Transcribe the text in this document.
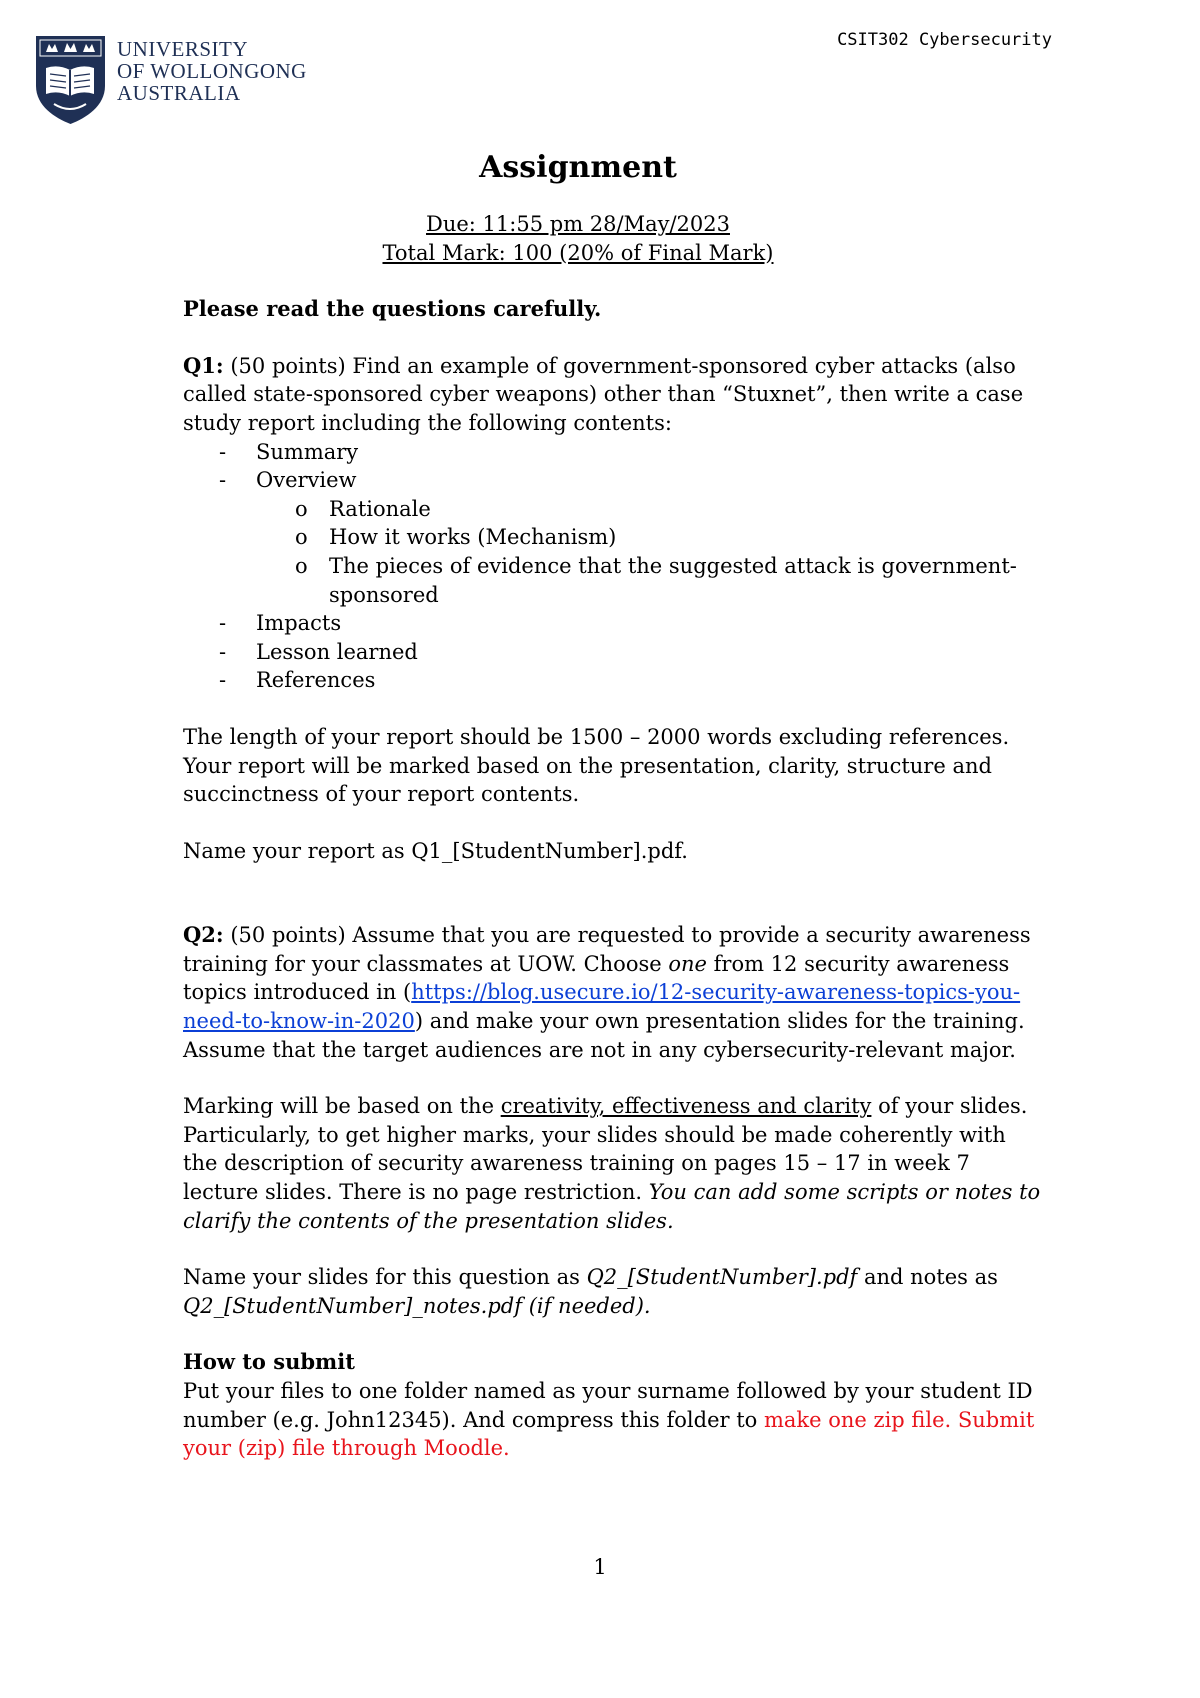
UNIVERSITY
OF WOLLONGONG
AUSTRALIA
CSIT302 Cybersecurity
Assignment
Due: 11:55 pm 28/May/2023
Total Mark: 100 (20% of Final Mark)

Please read the questions carefully.

Q1: (50 points) Find an example of government-sponsored cyber attacks (also called state-sponsored cyber weapons) other than “Stuxnet”, then write a case study report including the following contents:

- Summary
- Overview
o Rationale
o How it works (Mechanism)
o The pieces of evidence that the suggested attack is government-sponsored
- Impacts
- Lesson learned
- References

The length of your report should be 1500 – 2000 words excluding references. Your report will be marked based on the presentation, clarity, structure and succinctness of your report contents.

Name your report as Q1_[StudentNumber].pdf.

Q2: (50 points) Assume that you are requested to provide a security awareness training for your classmates at UOW. Choose one from 12 security awareness topics introduced in (https://blog.usecure.io/12-security-awareness-topics-you-need-to-know-in-2020) and make your own presentation slides for the training. Assume that the target audiences are not in any cybersecurity-relevant major.

Marking will be based on the creativity, effectiveness and clarity of your slides. Particularly, to get higher marks, your slides should be made coherently with the description of security awareness training on pages 15 – 17 in week 7 lecture slides. There is no page restriction. You can add some scripts or notes to clarify the contents of the presentation slides.

Name your slides for this question as Q2_[StudentNumber].pdf and notes as Q2_[StudentNumber]_notes.pdf (if needed).

How to submit

Put your files to one folder named as your surname followed by your student ID number (e.g. John12345). And compress this folder to make one zip file. Submit your (zip) file through Moodle.

1
